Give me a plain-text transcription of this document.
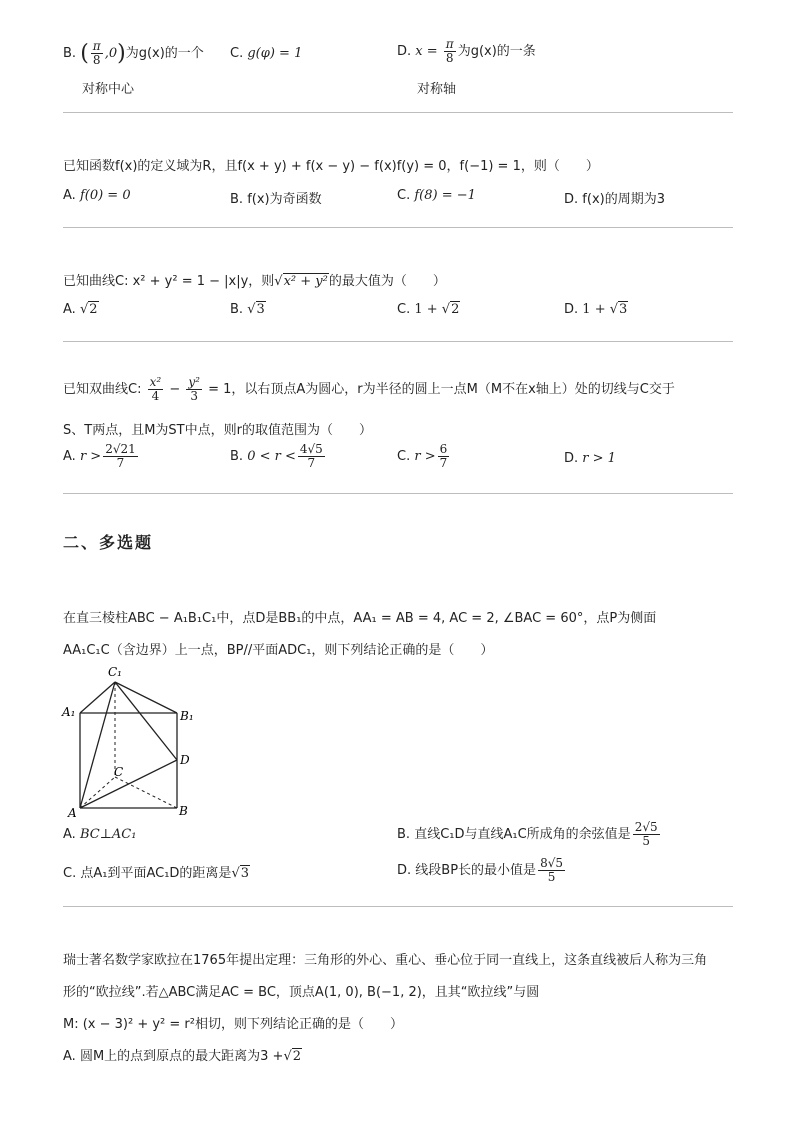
B. ( $\frac{\pi}{8} ,0$)为g(x)的一个
对称中心
C. g(φ) = 1	D. $x = \frac{\pi}{8}$ 为g(x)的一条
对称轴
已知函数f(x)的定义域为R，且f(x + y) + f(x − y) − f(x)f(y) = 0，f(−1) = 1，则（　　）
A. f(0) = 0	B. f(x)为奇函数	C. f(8) = −1	D. f(x)的周期为3
已知曲线C: x² + y² = 1 − |x|y，则√x² + y²的最大值为（　　）
A. √2	B. √3	C. 1 + √2	D. 1 + √3
已知双曲线C: $\frac{\text{x²}}{4} - \frac{\text{y²}}{3} = 1$，以右顶点A为圆心，r为半径的圆上一点M（M不在x轴上）处的切线与C交于
S、T两点，且M为ST中点，则r的取值范围为（　　）
A. $r > \frac{2√21}{7}$	B. $0 < r < \frac{4√5}{7}$	C. $r > \frac{6}{7}$	D. r > 1
二、多选题
在直三棱柱ABC − A₁B₁C₁中，点D是BB₁的中点，AA₁ = AB = 4, AC = 2, ∠BAC = 60°，点P为侧面
AA₁C₁C（含边界）上一点，BP//平面ADC₁，则下列结论正确的是（　　）
C₁
A₁	B₁
D
C
A	B
A. BC⊥AC₁	B. 直线C₁D与直线A₁C所成角的余弦值是 $\frac{2√5}{5}$
C. 点A₁到平面AC₁D的距离是√3	D. 线段BP长的最小值是 $\frac{8√5}{5}$
瑞士著名数学家欧拉在1765年提出定理：三角形的外心、重心、垂心位于同一直线上，这条直线被后人称为三角
形的“欧拉线”.若△ABC满足AC = BC，顶点A(1, 0), B(−1, 2)，且其“欧拉线”与圆
M: (x − 3)² + y² = r²相切，则下列结论正确的是（　　）
A. 圆M上的点到原点的最大距离为3 +√2
